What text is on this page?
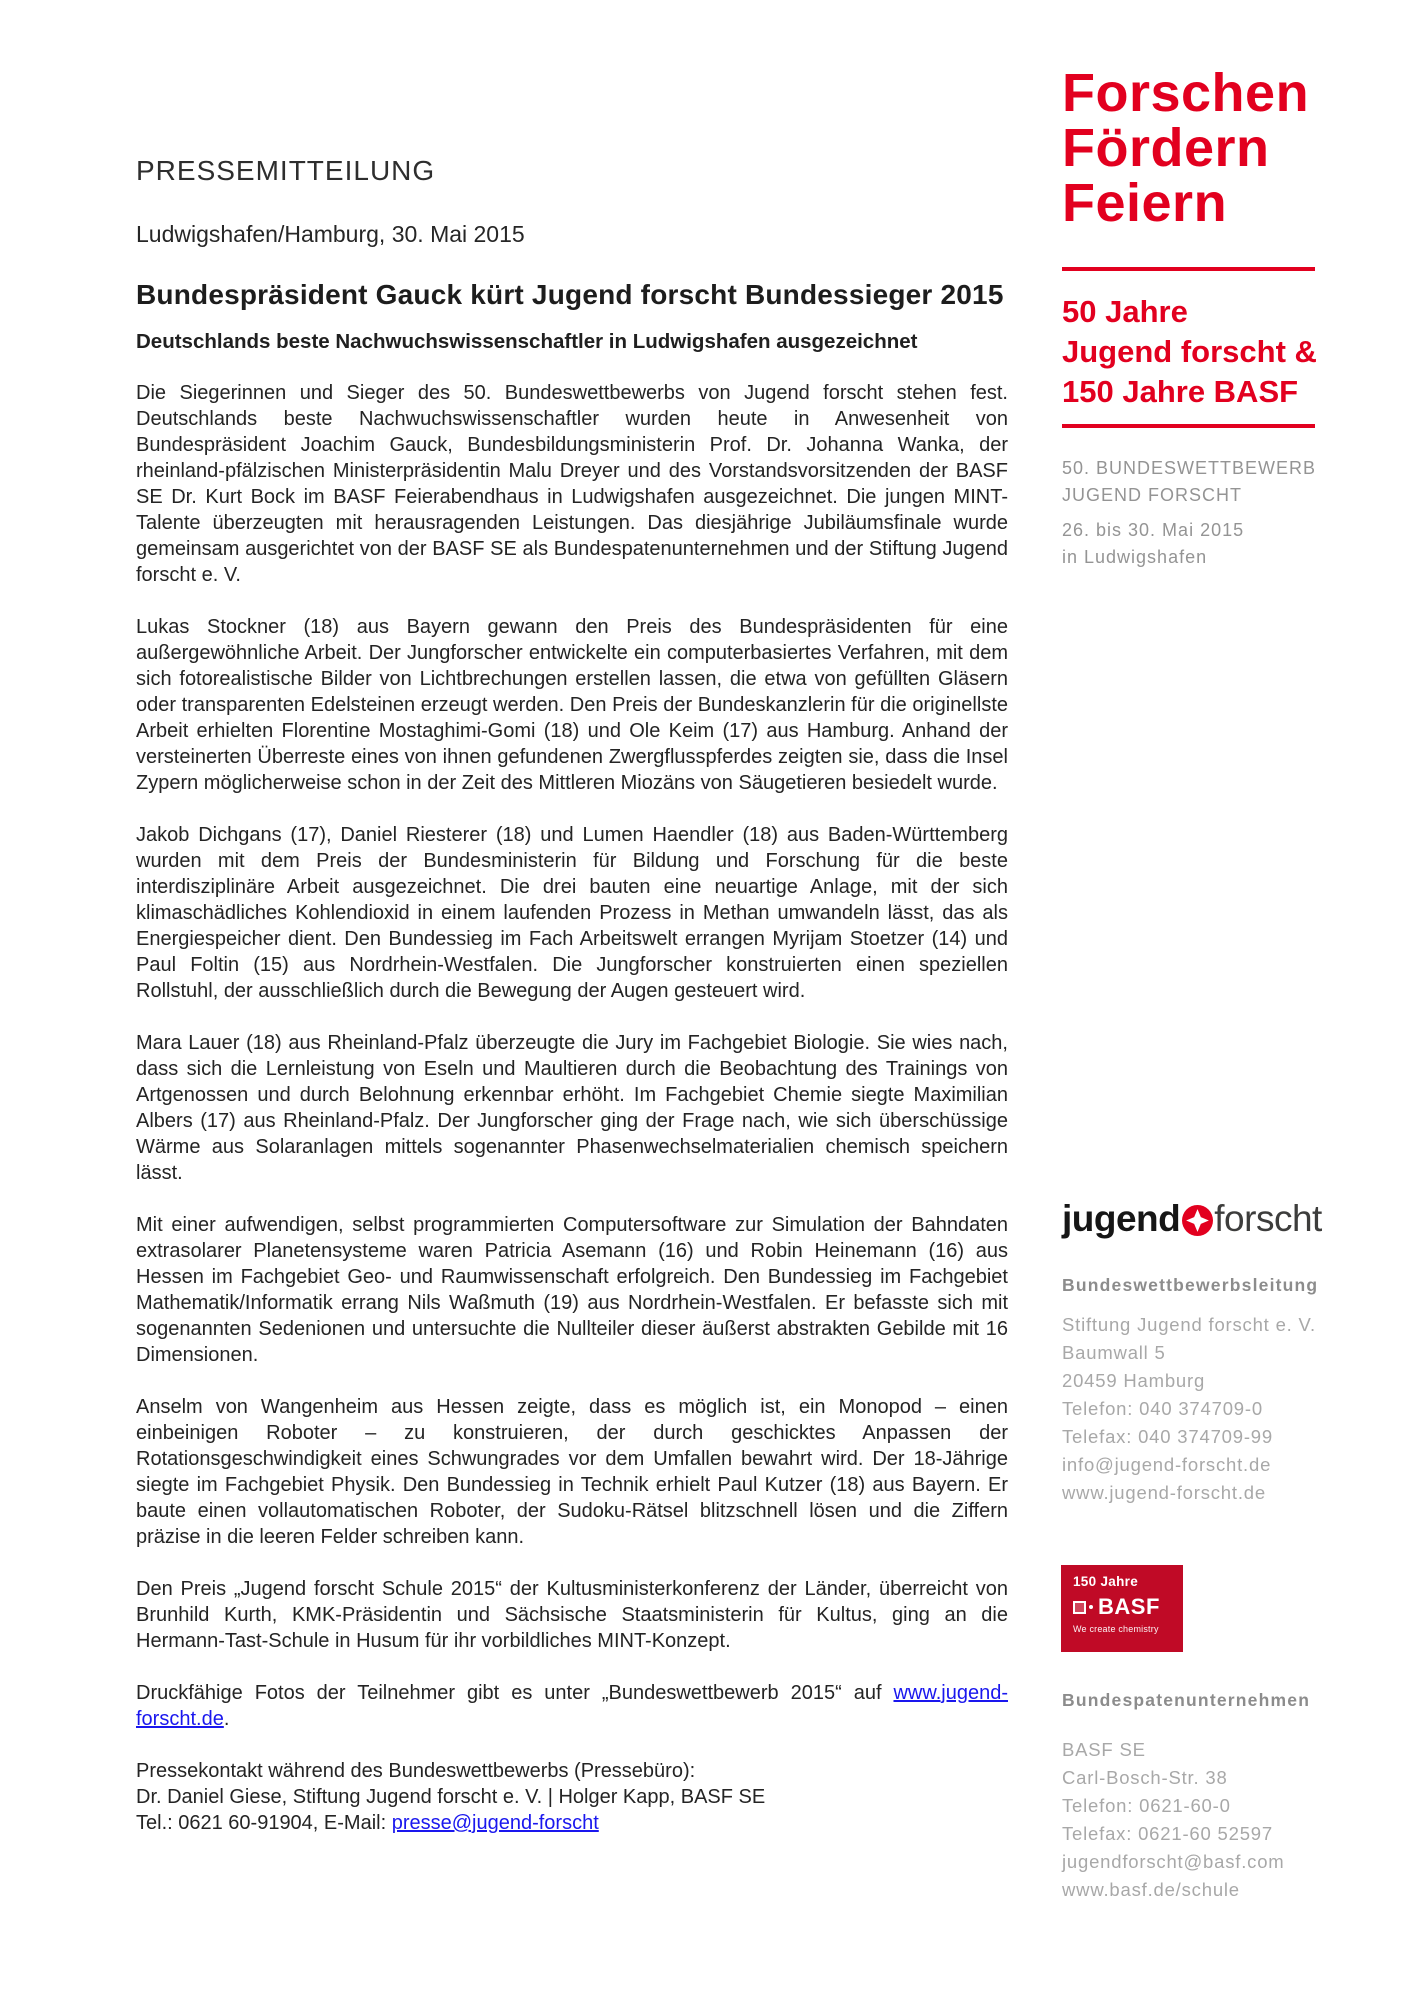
PRESSEMITTEILUNG
Ludwigshafen/Hamburg, 30. Mai 2015
Bundespräsident Gauck kürt Jugend forscht Bundessieger 2015
Deutschlands beste Nachwuchswissenschaftler in Ludwigshafen ausgezeichnet

Die Siegerinnen und Sieger des 50. Bundeswettbewerbs von Jugend forscht stehen fest. Deutschlands beste Nachwuchswissenschaftler wurden heute in Anwesenheit von Bundespräsident Joachim Gauck, Bundesbildungsministerin Prof. Dr. Johanna Wanka, der rheinland-pfälzischen Ministerpräsidentin Malu Dreyer und des Vorstandsvorsitzenden der BASF SE Dr. Kurt Bock im BASF Feierabendhaus in Ludwigshafen ausgezeichnet. Die jungen MINT-Talente überzeugten mit herausragenden Leistungen. Das diesjährige Jubiläumsfinale wurde gemeinsam ausgerichtet von der BASF SE als Bundespatenunternehmen und der Stiftung Jugend forscht e. V.

Lukas Stockner (18) aus Bayern gewann den Preis des Bundespräsidenten für eine außergewöhnliche Arbeit. Der Jungforscher entwickelte ein computerbasiertes Verfahren, mit dem sich fotorealistische Bilder von Lichtbrechungen erstellen lassen, die etwa von gefüllten Gläsern oder transparenten Edelsteinen erzeugt werden. Den Preis der Bundeskanzlerin für die originellste Arbeit erhielten Florentine Mostaghimi-Gomi (18) und Ole Keim (17) aus Hamburg. Anhand der versteinerten Überreste eines von ihnen gefundenen Zwergflusspferdes zeigten sie, dass die Insel Zypern möglicherweise schon in der Zeit des Mittleren Miozäns von Säugetieren besiedelt wurde.

Jakob Dichgans (17), Daniel Riesterer (18) und Lumen Haendler (18) aus Baden-Württemberg wurden mit dem Preis der Bundesministerin für Bildung und Forschung für die beste interdisziplinäre Arbeit ausgezeichnet. Die drei bauten eine neuartige Anlage, mit der sich klimaschädliches Kohlendioxid in einem laufenden Prozess in Methan umwandeln lässt, das als Energiespeicher dient. Den Bundessieg im Fach Arbeitswelt errangen Myrijam Stoetzer (14) und Paul Foltin (15) aus Nordrhein-Westfalen. Die Jungforscher konstruierten einen speziellen Rollstuhl, der ausschließlich durch die Bewegung der Augen gesteuert wird.

Mara Lauer (18) aus Rheinland-Pfalz überzeugte die Jury im Fachgebiet Biologie. Sie wies nach, dass sich die Lernleistung von Eseln und Maultieren durch die Beobachtung des Trainings von Artgenossen und durch Belohnung erkennbar erhöht. Im Fachgebiet Chemie siegte Maximilian Albers (17) aus Rheinland-Pfalz. Der Jungforscher ging der Frage nach, wie sich überschüssige Wärme aus Solaranlagen mittels sogenannter Phasenwechselmaterialien chemisch speichern lässt.

Mit einer aufwendigen, selbst programmierten Computersoftware zur Simulation der Bahndaten extrasolarer Planetensysteme waren Patricia Asemann (16) und Robin Heinemann (16) aus Hessen im Fachgebiet Geo- und Raumwissenschaft erfolgreich. Den Bundessieg im Fachgebiet Mathematik/Informatik errang Nils Waßmuth (19) aus Nordrhein-Westfalen. Er befasste sich mit sogenannten Sedenionen und untersuchte die Nullteiler dieser äußerst abstrakten Gebilde mit 16 Dimensionen.

Anselm von Wangenheim aus Hessen zeigte, dass es möglich ist, ein Monopod – einen einbeinigen Roboter – zu konstruieren, der durch geschicktes Anpassen der Rotationsgeschwindigkeit eines Schwungrades vor dem Umfallen bewahrt wird. Der 18-Jährige siegte im Fachgebiet Physik. Den Bundessieg in Technik erhielt Paul Kutzer (18) aus Bayern. Er baute einen vollautomatischen Roboter, der Sudoku-Rätsel blitzschnell lösen und die Ziffern präzise in die leeren Felder schreiben kann.

Den Preis „Jugend forscht Schule 2015“ der Kultusministerkonferenz der Länder, überreicht von Brunhild Kurth, KMK-Präsidentin und Sächsische Staatsministerin für Kultus, ging an die Hermann-Tast-Schule in Husum für ihr vorbildliches MINT-Konzept.

Druckfähige Fotos der Teilnehmer gibt es unter „Bundeswettbewerb 2015“ auf www.jugend-forscht.de.

Pressekontakt während des Bundeswettbewerbs (Pressebüro):
Dr. Daniel Giese, Stiftung Jugend forscht e. V. | Holger Kapp, BASF SE
Tel.: 0621 60-91904, E-Mail: presse@jugend-forscht
Forschen
Fördern
Feiern
50 Jahre
Jugend forscht &
150 Jahre BASF
50. BUNDESWETTBEWERB
JUGEND FORSCHT
26. bis 30. Mai 2015
in Ludwigshafen
jugend forscht
Bundeswettbewerbsleitung
Stiftung Jugend forscht e. V.
Baumwall 5
20459 Hamburg
Telefon: 040 374709-0
Telefax: 040 374709-99
info@jugend-forscht.de
www.jugend-forscht.de
150 Jahre
BASF
We create chemistry
Bundespatenunternehmen
BASF SE
Carl-Bosch-Str. 38
Telefon: 0621-60-0
Telefax: 0621-60 52597
jugendforscht@basf.com
www.basf.de/schule
